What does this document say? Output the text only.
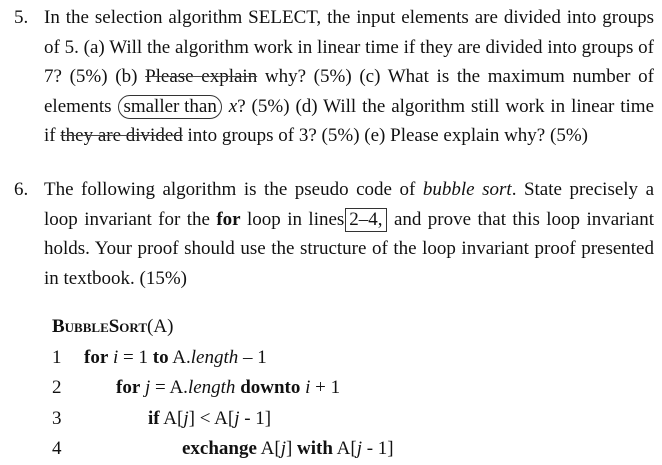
5. In the selection algorithm SELECT, the input elements are divided into groups of 5. (a) Will the algorithm work in linear time if they are divided into groups of 7? (5%) (b) Please explain why? (5%) (c) What is the maximum number of elements smaller than x? (5%) (d) Will the algorithm still work in linear time if they are divided into groups of 3? (5%) (e) Please explain why? (5%)
6. The following algorithm is the pseudo code of bubble sort. State precisely a loop invariant for the for loop in lines 2–4, and prove that this loop invariant holds. Your proof should use the structure of the loop invariant proof presented in textbook. (15%)
BubbleSort(A)
1	for i = 1 to A.length – 1
2	for j = A.length downto i + 1
3	if A[j] < A[j - 1]
4	exchange A[j] with A[j - 1]
